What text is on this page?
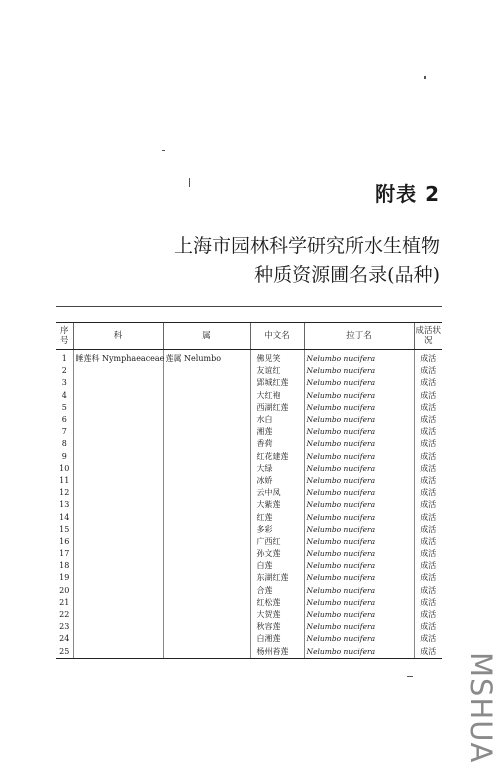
附表 2
上海市园林科学研究所水生植物
种质资源圃名录(品种)
序号	科	属	中文名	拉丁名	成活状况
1	睡莲科 Nymphaeaceae	莲属 Nelumbo	佛见笑	Nelumbo nucifera	成活
2			友谊红	Nelumbo nucifera	成活
3			郢城红莲	Nelumbo nucifera	成活
4			大红袍	Nelumbo nucifera	成活
5			西湖红莲	Nelumbo nucifera	成活
6			水白	Nelumbo nucifera	成活
7			湘莲	Nelumbo nucifera	成活
8			香荷	Nelumbo nucifera	成活
9			红花建莲	Nelumbo nucifera	成活
10			大绿	Nelumbo nucifera	成活
11			冰娇	Nelumbo nucifera	成活
12			云中凤	Nelumbo nucifera	成活
13			大紫莲	Nelumbo nucifera	成活
14			红莲	Nelumbo nucifera	成活
15			多彩	Nelumbo nucifera	成活
16			广西红	Nelumbo nucifera	成活
17			孙文莲	Nelumbo nucifera	成活
18			白莲	Nelumbo nucifera	成活
19			东湖红莲	Nelumbo nucifera	成活
20			合莲	Nelumbo nucifera	成活
21			红松莲	Nelumbo nucifera	成活
22			大贺莲	Nelumbo nucifera	成活
23			秋容莲	Nelumbo nucifera	成活
24			白湘莲	Nelumbo nucifera	成活
25			杨州苔莲	Nelumbo nucifera	成活
MSHUA
